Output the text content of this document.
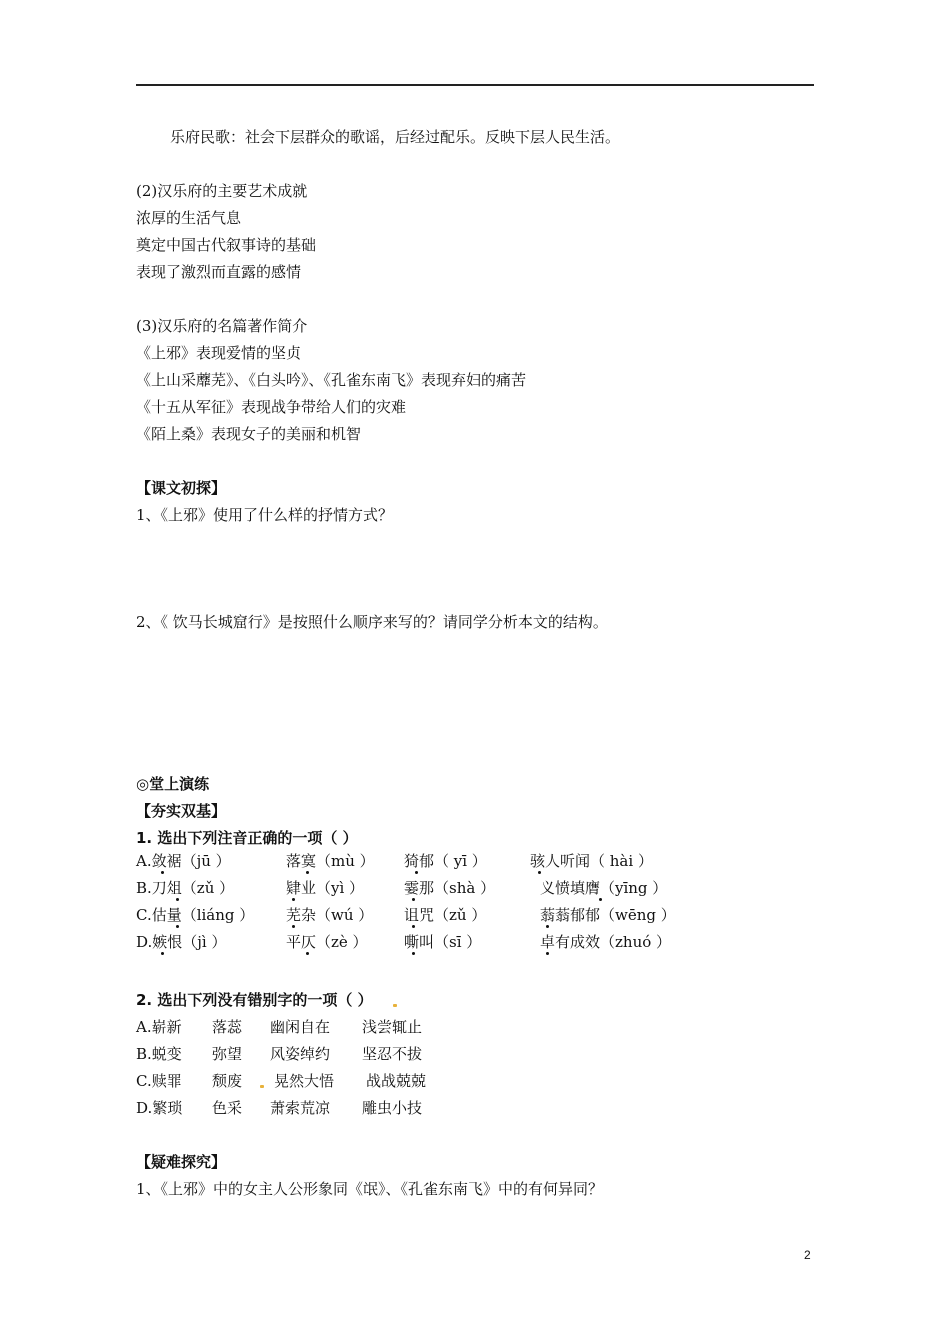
乐府民歌：社会下层群众的歌谣，后经过配乐。反映下层人民生活。
(2)汉乐府的主要艺术成就
浓厚的生活气息
奠定中国古代叙事诗的基础
表现了激烈而直露的感情
(3)汉乐府的名篇著作简介
《上邪》表现爱情的坚贞
《上山采蘼芜》、《白头吟》、《孔雀东南飞》表现弃妇的痛苦
《十五从军征》表现战争带给人们的灾难
《陌上桑》表现女子的美丽和机智
【课文初探】
1、《上邪》使用了什么样的抒情方式？
2、《 饮马长城窟行》是按照什么顺序来写的？请同学分析本文的结构。
◎堂上演练
【夯实双基】
1. 选出下列注音正确的一项（ ）
A.敛裾（jū ）	落寞（mù ） 猗郁（ yī ）	骇人听闻（ hài ）
B.刀俎（zǔ ）	肄业（yì ）	霎那（shà ）	义愤填膺（yīng ）
C.估量（liáng ） 芜杂（wú ） 诅咒（zǔ ）	蓊蓊郁郁（wēng ）
D.嫉恨（jì ）	平仄（zè ） 嘶叫（sī ）	卓有成效（zhuó ）
2. 选出下列没有错别字的一项（ ）
A.崭新 落蕊 幽闲自在 浅尝辄止
B.蜕变 弥望 风姿绰约 坚忍不拔
C.赎罪 颓废 晃然大悟 战战兢兢
D.繁琐 色采 萧索荒凉 雕虫小技
【疑难探究】
1、《上邪》中的女主人公形象同《氓》、《孔雀东南飞》中的有何异同？
2
